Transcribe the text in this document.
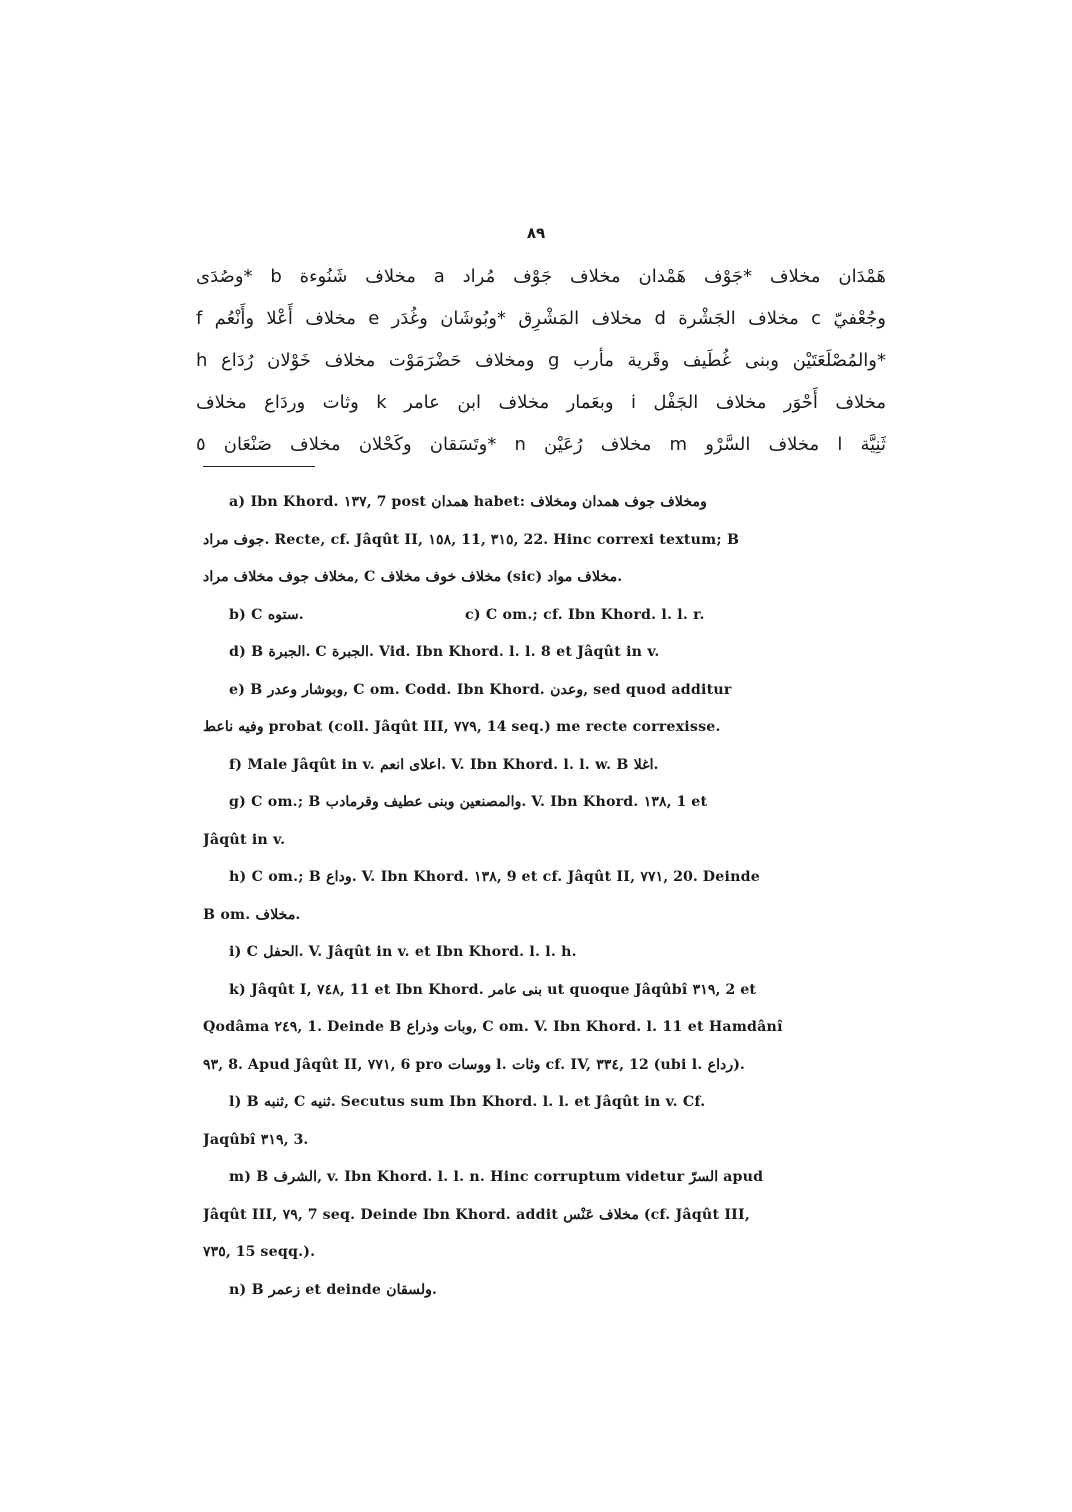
٨٩
هَمْدَان مخلاف *جَوْف هَمْدان مخلاف جَوْف مُراد a مخلاف شَنُوءة b *وصُدَى
وجُعْفيّ c مخلاف الجَشْرة d مخلاف المَشْرِق *وبُوشَان وغُدَر e مخلاف أَعْلا وأَنْعُم f
*والمُصْلَعَتَيْن وبنى غُطَيف وقَرية مأرب g ومخلاف حَضْرَمَوْت مخلاف خَوْلان رُدَاع h
مخلاف أَحْوَر مخلاف الجَفْل i وبعَمار مخلاف ابن عامر k وثات وردَاع مخلاف
ثَنِيَّة l مخلاف السَّرْو m مخلاف رُعَيْن n *وتَسَقان وكَحْلان مخلاف صَنْعَان ٥
a) Ibn Khord. ١٣٧, 7 post همدان habet: ومخلاف جوف همدان ومخلاف
جوف مراد. Recte, cf. Jâqût II, ١٥٨, 11, ٣١٥, 22. Hinc correxi textum; B
مخلاف جوف مخلاف مراد, C مخلاف خوف مخلاف (sic) مخلاف مواد.
b) C ستوه.	c) C om.; cf. Ibn Khord. l. l. r.
d) B الجبرة. C الجبرة. Vid. Ibn Khord. l. l. 8 et Jâqût in v.
e) B وبوشار وعدر, C om. Codd. Ibn Khord. وعدن, sed quod additur
وفيه ناعط probat (coll. Jâqût III, ٧٧٩, 14 seq.) me recte correxisse.
f) Male Jâqût in v. اعلاى انعم. V. Ibn Khord. l. l. w. B اغلا.
g) C om.; B والمصنعين وبنى عطيف وقرمادب. V. Ibn Khord. ١٣٨, 1 et
Jâqût in v.
h) C om.; B وداع. V. Ibn Khord. ١٣٨, 9 et cf. Jâqût II, ٧٧١, 20. Deinde
B om. مخلاف.
i) C الحفل. V. Jâqût in v. et Ibn Khord. l. l. h.
k) Jâqût I, ٧٤٨, 11 et Ibn Khord. بنى عامر ut quoque Jâqûbî ٣١٩, 2 et
Qodâma ٢٤٩, 1. Deinde B وبات وذراع, C om. V. Ibn Khord. l. 11 et Hamdânî
٩٣, 8. Apud Jâqût II, ٧٧١, 6 pro ووسات l. وثات cf. IV, ٣٣٤, 12 (ubi l. رداع).
l) B ثنبه, C ثنيه. Secutus sum Ibn Khord. l. l. et Jâqût in v. Cf.
Jaqûbî ٣١٩, 3.
m) B الشرف, v. Ibn Khord. l. l. n. Hinc corruptum videtur السرّ apud
Jâqût III, ٧٩, 7 seq. Deinde Ibn Khord. addit مخلاف عَنْس (cf. Jâqût III,
٧٣٥, 15 seqq.).
n) B زعمر et deinde ولسقان.
